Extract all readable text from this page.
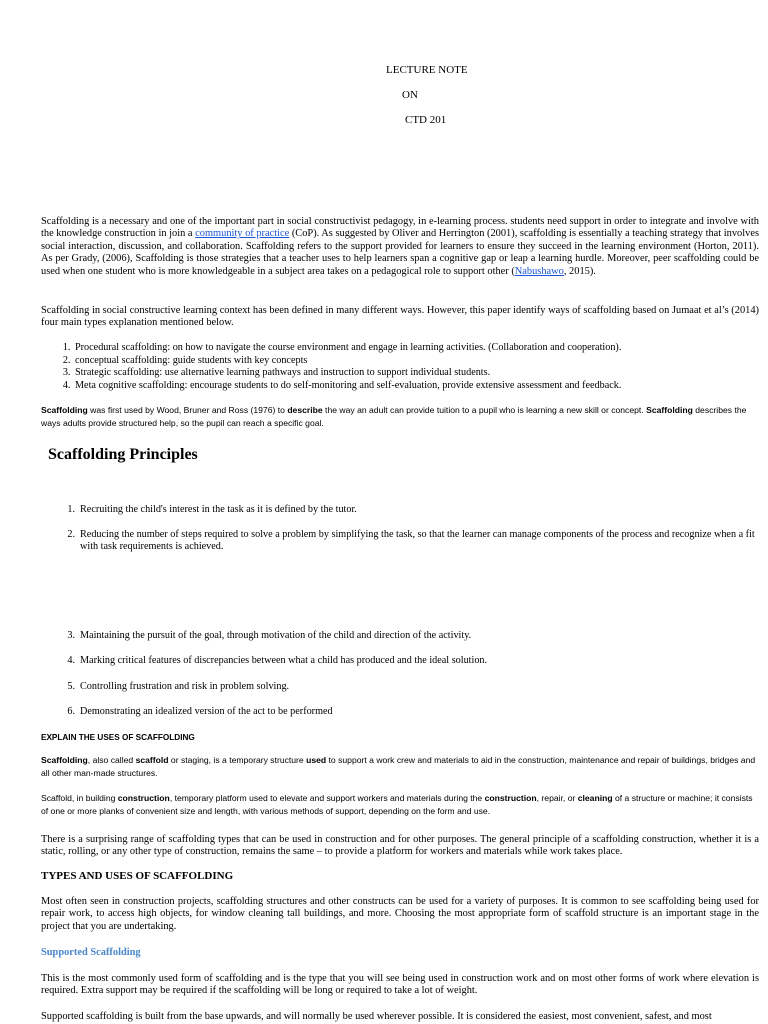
LECTURE NOTE
ON
CTD 201
Scaffolding is a necessary and one of the important part in social constructivist pedagogy, in e-learning process. students need support in order to integrate and involve with the knowledge construction in join a community of practice (CoP). As suggested by Oliver and Herrington (2001), scaffolding is essentially a teaching strategy that involves social interaction, discussion, and collaboration. Scaffolding refers to the support provided for learners to ensure they succeed in the learning environment (Horton, 2011). As per Grady, (2006), Scaffolding is those strategies that a teacher uses to help learners span a cognitive gap or leap a learning hurdle. Moreover, peer scaffolding could be used when one student who is more knowledgeable in a subject area takes on a pedagogical role to support other (Nabushawo, 2015).
Scaffolding in social constructive learning context has been defined in many different ways. However, this paper identify ways of scaffolding based on Jumaat et al’s (2014) four main types explanation mentioned below.
1. Procedural scaffolding: on how to navigate the course environment and engage in learning activities. (Collaboration and cooperation).
2. conceptual scaffolding: guide students with key concepts
3. Strategic scaffolding: use alternative learning pathways and instruction to support individual students.
4. Meta cognitive scaffolding: encourage students to do self-monitoring and self-evaluation, provide extensive assessment and feedback.
Scaffolding was first used by Wood, Bruner and Ross (1976) to describe the way an adult can provide tuition to a pupil who is learning a new skill or concept. Scaffolding describes the ways adults provide structured help, so the pupil can reach a specific goal.
Scaffolding Principles
1. Recruiting the child's interest in the task as it is defined by the tutor.
2. Reducing the number of steps required to solve a problem by simplifying the task, so that the learner can manage components of the process and recognize when a fit with task requirements is achieved.
3. Maintaining the pursuit of the goal, through motivation of the child and direction of the activity.
4. Marking critical features of discrepancies between what a child has produced and the ideal solution.
5. Controlling frustration and risk in problem solving.
6. Demonstrating an idealized version of the act to be performed
EXPLAIN THE USES OF SCAFFOLDING
Scaffolding, also called scaffold or staging, is a temporary structure used to support a work crew and materials to aid in the construction, maintenance and repair of buildings, bridges and all other man-made structures.
Scaffold, in building construction, temporary platform used to elevate and support workers and materials during the construction, repair, or cleaning of a structure or machine; it consists of one or more planks of convenient size and length, with various methods of support, depending on the form and use.
There is a surprising range of scaffolding types that can be used in construction and for other purposes. The general principle of a scaffolding construction, whether it is a static, rolling, or any other type of construction, remains the same – to provide a platform for workers and materials while work takes place.
TYPES AND USES OF SCAFFOLDING
Most often seen in construction projects, scaffolding structures and other constructs can be used for a variety of purposes. It is common to see scaffolding being used for repair work, to access high objects, for window cleaning tall buildings, and more. Choosing the most appropriate form of scaffold structure is an important stage in the project that you are undertaking.
Supported Scaffolding
This is the most commonly used form of scaffolding and is the type that you will see being used in construction work and on most other forms of work where elevation is required. Extra support may be required if the scaffolding will be long or required to take a lot of weight.
Supported scaffolding is built from the base upwards, and will normally be used wherever possible. It is considered the easiest, most convenient, safest, and most
